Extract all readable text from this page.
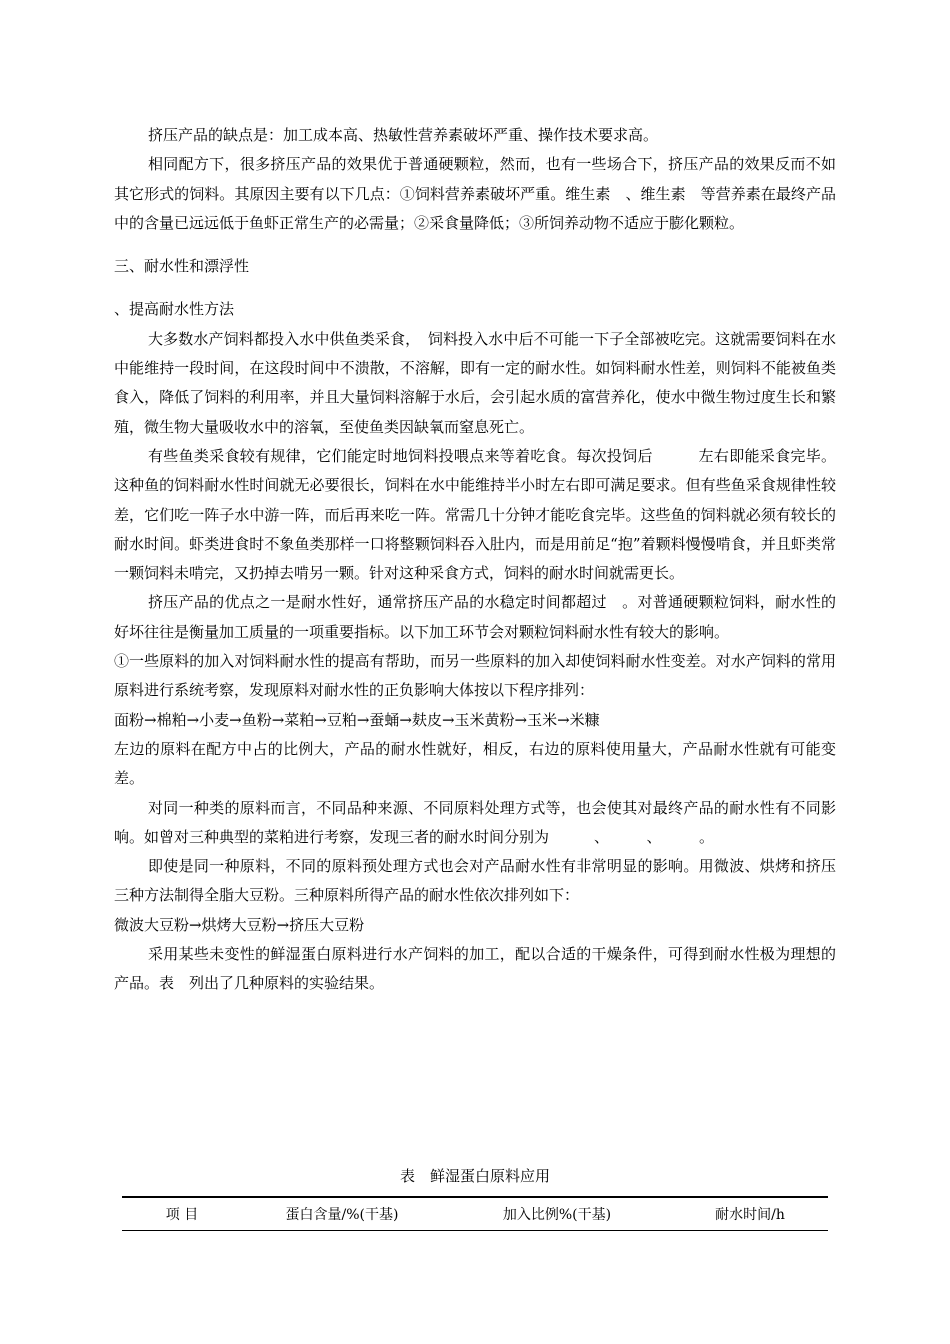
挤压产品的缺点是：加工成本高、热敏性营养素破坏严重、操作技术要求高。

相同配方下，很多挤压产品的效果优于普通硬颗粒，然而，也有一些场合下，挤压产品的效果反而不如其它形式的饲料。其原因主要有以下几点：①饲料营养素破坏严重。维生素　、维生素　等营养素在最终产品中的含量已远远低于鱼虾正常生产的必需量；②采食量降低；③所饲养动物不适应于膨化颗粒。

三、耐水性和漂浮性

、提高耐水性方法

大多数水产饲料都投入水中供鱼类采食，　饲料投入水中后不可能一下子全部被吃完。这就需要饲料在水中能维持一段时间，在这段时间中不溃散，不溶解，即有一定的耐水性。如饲料耐水性差，则饲料不能被鱼类食入，降低了饲料的利用率，并且大量饲料溶解于水后，会引起水质的富营养化，使水中微生物过度生长和繁殖，微生物大量吸收水中的溶氧，至使鱼类因缺氧而窒息死亡。

有些鱼类采食较有规律，它们能定时地饲料投喂点来等着吃食。每次投饲后　　　左右即能采食完毕。这种鱼的饲料耐水性时间就无必要很长，饲料在水中能维持半小时左右即可满足要求。但有些鱼采食规律性较差，它们吃一阵子水中游一阵，而后再来吃一阵。常需几十分钟才能吃食完毕。这些鱼的饲料就必须有较长的耐水时间。虾类进食时不象鱼类那样一口将整颗饲料吞入肚内，而是用前足“抱”着颗料慢慢啃食，并且虾类常一颗饲料未啃完，又扔掉去啃另一颗。针对这种采食方式，饲料的耐水时间就需更长。

挤压产品的优点之一是耐水性好，通常挤压产品的水稳定时间都超过　。对普通硬颗粒饲料，耐水性的好坏往往是衡量加工质量的一项重要指标。以下加工环节会对颗粒饲料耐水性有较大的影响。

①一些原料的加入对饲料耐水性的提高有帮助，而另一些原料的加入却使饲料耐水性变差。对水产饲料的常用原料进行系统考察，发现原料对耐水性的正负影响大体按以下程序排列：

面粉→棉粕→小麦→鱼粉→菜粕→豆粕→蚕蛹→麸皮→玉米黄粉→玉米→米糠

左边的原料在配方中占的比例大，产品的耐水性就好，相反，右边的原料使用量大，产品耐水性就有可能变差。

对同一种类的原料而言，不同品种来源、不同原料处理方式等，也会使其对最终产品的耐水性有不同影响。如曾对三种典型的菜粕进行考察，发现三者的耐水时间分别为　　　、　　　、　　　。

即使是同一种原料，不同的原料预处理方式也会对产品耐水性有非常明显的影响。用微波、烘烤和挤压三种方法制得全脂大豆粉。三种原料所得产品的耐水性依次排列如下：

微波大豆粉→烘烤大豆粉→挤压大豆粉

采用某些未变性的鲜湿蛋白原料进行水产饲料的加工，配以合适的干燥条件，可得到耐水性极为理想的产品。表　列出了几种原料的实验结果。

表　鲜湿蛋白原料应用
项 目	蛋白含量/%(干基)	加入比例%(干基)	耐水时间/h
